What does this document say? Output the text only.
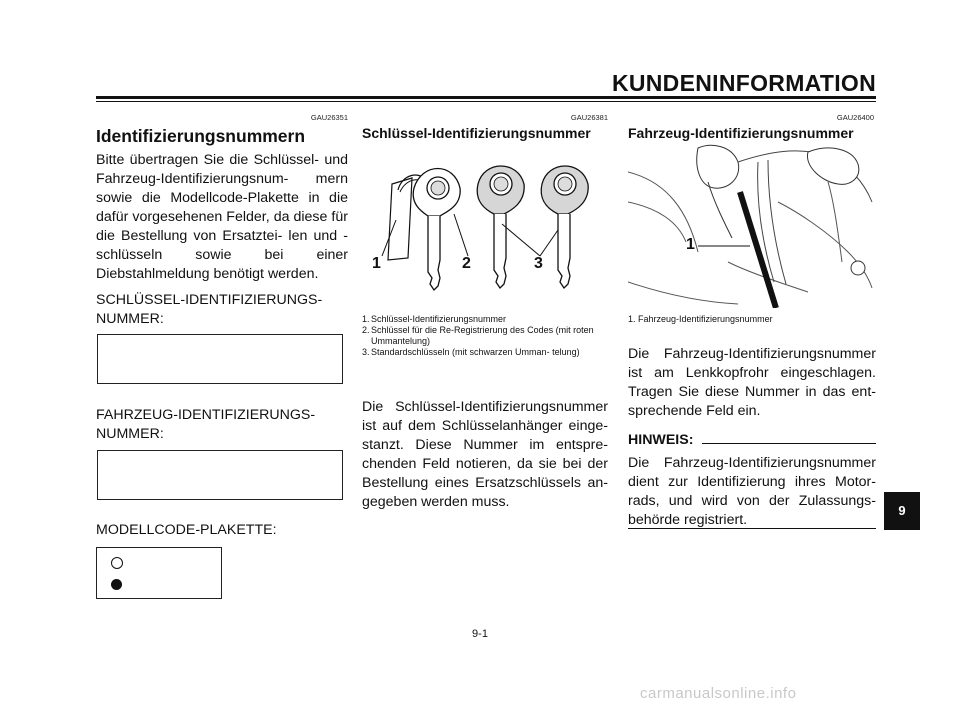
KUNDENINFORMATION
GAU26351
Identifizierungsnummern
Bitte übertragen Sie die Schlüssel- und Fahrzeug-Identifizierungsnum- mern sowie die Modellcode-Plakette in die dafür vorgesehenen Felder, da diese für die Bestellung von Ersatztei- len und -schlüsseln sowie bei einer Diebstahlmeldung benötigt werden.
SCHLÜSSEL-IDENTIFIZIERUNGS-
NUMMER:
FAHRZEUG-IDENTIFIZIERUNGS-
NUMMER:
MODELLCODE-PLAKETTE:
GAU26381
Schlüssel-Identifizierungsnummer
1	2	3
1. Schlüssel-Identifizierungsnummer
2. Schlüssel für die Re-Registrierung des Codes (mit roten Ummantelung)
3. Standardschlüsseln (mit schwarzen Umman- telung)
Die Schlüssel-Identifizierungsnummer ist auf dem Schlüsselanhänger einge- stanzt. Diese Nummer im entspre- chenden Feld notieren, da sie bei der Bestellung eines Ersatzschlüssels an- gegeben werden muss.
GAU26400
Fahrzeug-Identifizierungsnummer
1
1. Fahrzeug-Identifizierungsnummer
Die Fahrzeug-Identifizierungsnummer ist am Lenkkopfrohr eingeschlagen. Tragen Sie diese Nummer in das ent- sprechende Feld ein.
HINWEIS:
Die Fahrzeug-Identifizierungsnummer dient zur Identifizierung ihres Motor- rads, und wird von der Zulassungs- behörde registriert.
9
9-1
carmanualsonline.info
